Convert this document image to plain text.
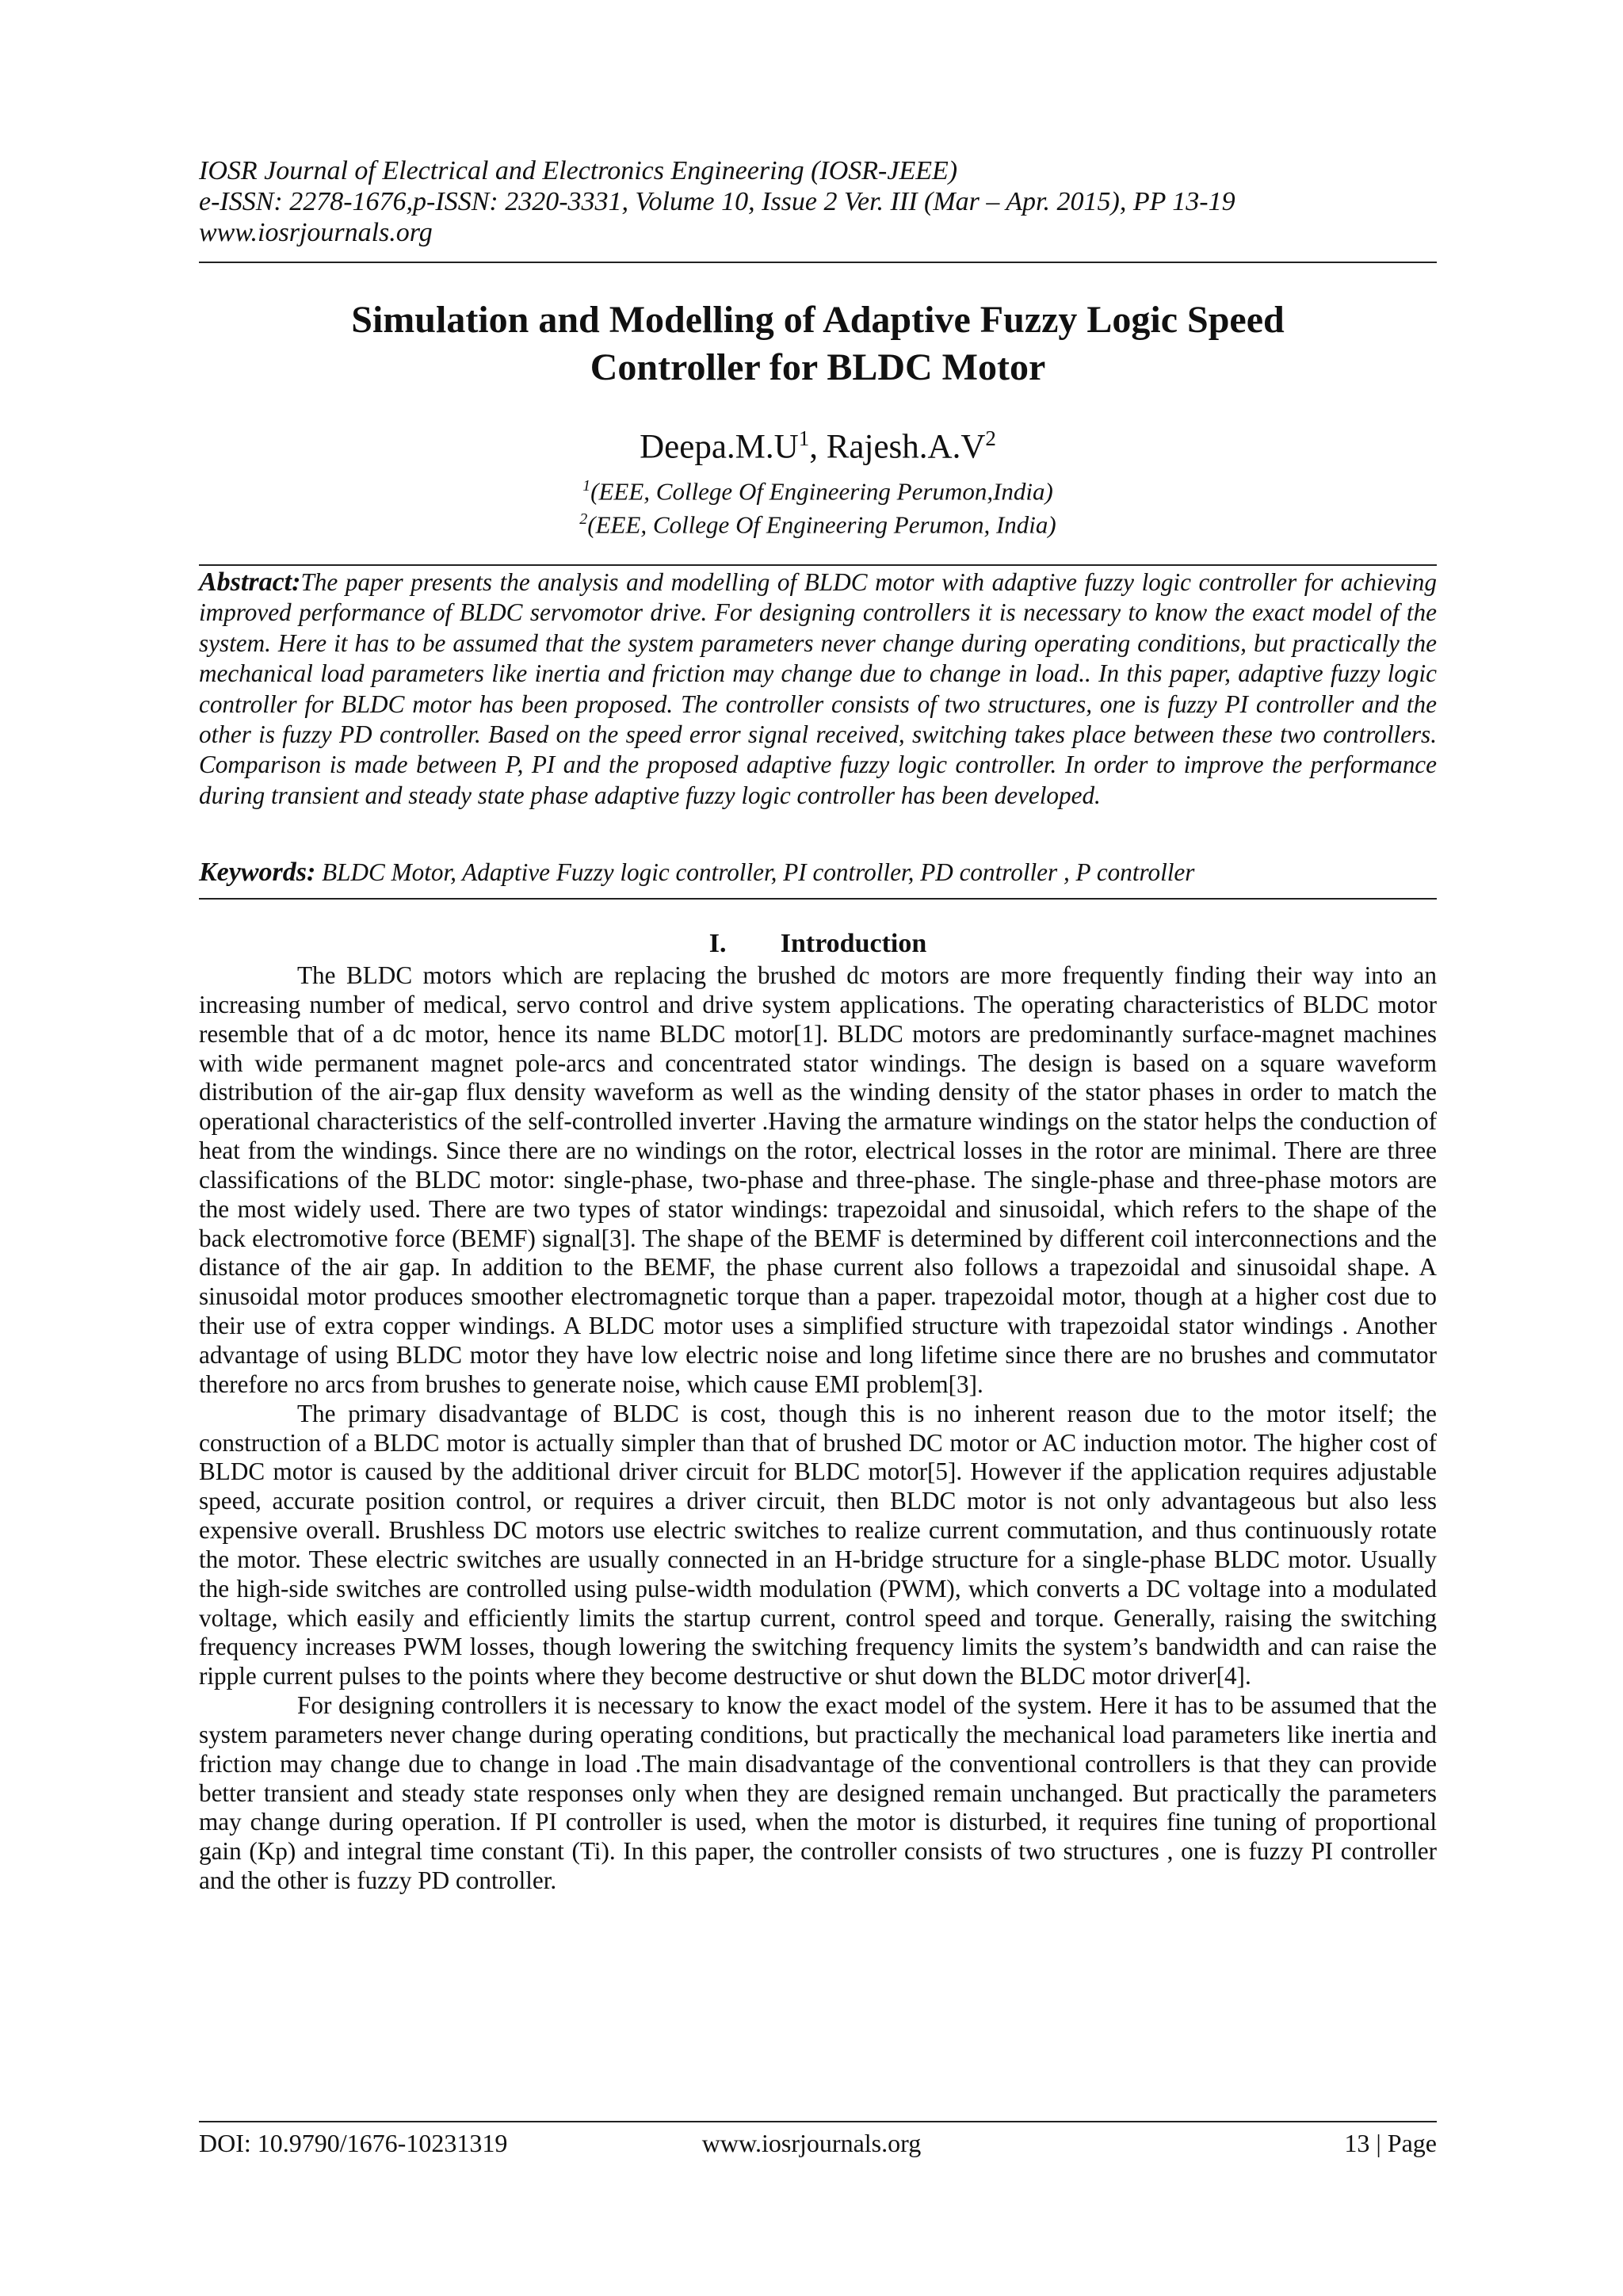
IOSR Journal of Electrical and Electronics Engineering (IOSR-JEEE)
e-ISSN: 2278-1676,p-ISSN: 2320-3331, Volume 10, Issue 2 Ver. III (Mar – Apr. 2015), PP 13-19
www.iosrjournals.org
Simulation and Modelling of Adaptive Fuzzy Logic Speed
Controller for BLDC Motor
$Deepa.M.U^1$, $Rajesh.A.V^2$
$^1$(EEE, College Of Engineering Perumon,India)
$^2$(EEE, College Of Engineering Perumon, India)

Abstract:The paper presents the analysis and modelling of BLDC motor with adaptive fuzzy logic controller for achieving improved performance of BLDC servomotor drive. For designing controllers it is necessary to know the exact model of the system. Here it has to be assumed that the system parameters never change during operating conditions, but practically the mechanical load parameters like inertia and friction may change due to change in load.. In this paper, adaptive fuzzy logic controller for BLDC motor has been proposed. The controller consists of two structures, one is fuzzy PI controller and the other is fuzzy PD controller. Based on the speed error signal received, switching takes place between these two controllers. Comparison is made between P, PI and the proposed adaptive fuzzy logic controller. In order to improve the performance during transient and steady state phase adaptive fuzzy logic controller has been developed.

Keywords: BLDC Motor, Adaptive Fuzzy logic controller, PI controller, PD controller , P controller

I. Introduction

The BLDC motors which are replacing the brushed dc motors are more frequently finding their way into an increasing number of medical, servo control and drive system applications. The operating characteristics of BLDC motor resemble that of a dc motor, hence its name BLDC motor[1]. BLDC motors are predominantly surface-magnet machines with wide permanent magnet pole-arcs and concentrated stator windings. The design is based on a square waveform distribution of the air-gap flux density waveform as well as the winding density of the stator phases in order to match the operational characteristics of the self-controlled inverter .Having the armature windings on the stator helps the conduction of heat from the windings. Since there are no windings on the rotor, electrical losses in the rotor are minimal. There are three classifications of the BLDC motor: single-phase, two-phase and three-phase. The single-phase and three-phase motors are the most widely used. There are two types of stator windings: trapezoidal and sinusoidal, which refers to the shape of the back electromotive force (BEMF) signal[3]. The shape of the BEMF is determined by different coil interconnections and the distance of the air gap. In addition to the BEMF, the phase current also follows a trapezoidal and sinusoidal shape. A sinusoidal motor produces smoother electromagnetic torque than a paper. trapezoidal motor, though at a higher cost due to their use of extra copper windings. A BLDC motor uses a simplified structure with trapezoidal stator windings . Another advantage of using BLDC motor they have low electric noise and long lifetime since there are no brushes and commutator therefore no arcs from brushes to generate noise, which cause EMI problem[3].

The primary disadvantage of BLDC is cost, though this is no inherent reason due to the motor itself; the construction of a BLDC motor is actually simpler than that of brushed DC motor or AC induction motor. The higher cost of BLDC motor is caused by the additional driver circuit for BLDC motor[5]. However if the application requires adjustable speed, accurate position control, or requires a driver circuit, then BLDC motor is not only advantageous but also less expensive overall. Brushless DC motors use electric switches to realize current commutation, and thus continuously rotate the motor. These electric switches are usually connected in an H-bridge structure for a single-phase BLDC motor. Usually the high-side switches are controlled using pulse-width modulation (PWM), which converts a DC voltage into a modulated voltage, which easily and efficiently limits the startup current, control speed and torque. Generally, raising the switching frequency increases PWM losses, though lowering the switching frequency limits the system’s bandwidth and can raise the ripple current pulses to the points where they become destructive or shut down the BLDC motor driver[4].

For designing controllers it is necessary to know the exact model of the system. Here it has to be assumed that the system parameters never change during operating conditions, but practically the mechanical load parameters like inertia and friction may change due to change in load .The main disadvantage of the conventional controllers is that they can provide better transient and steady state responses only when they are designed remain unchanged. But practically the parameters may change during operation. If PI controller is used, when the motor is disturbed, it requires fine tuning of proportional gain (Kp) and integral time constant (Ti). In this paper, the controller consists of two structures , one is fuzzy PI controller and the other is fuzzy PD controller.

DOI: 10.9790/1676-10231319	www.iosrjournals.org	13 | Page
